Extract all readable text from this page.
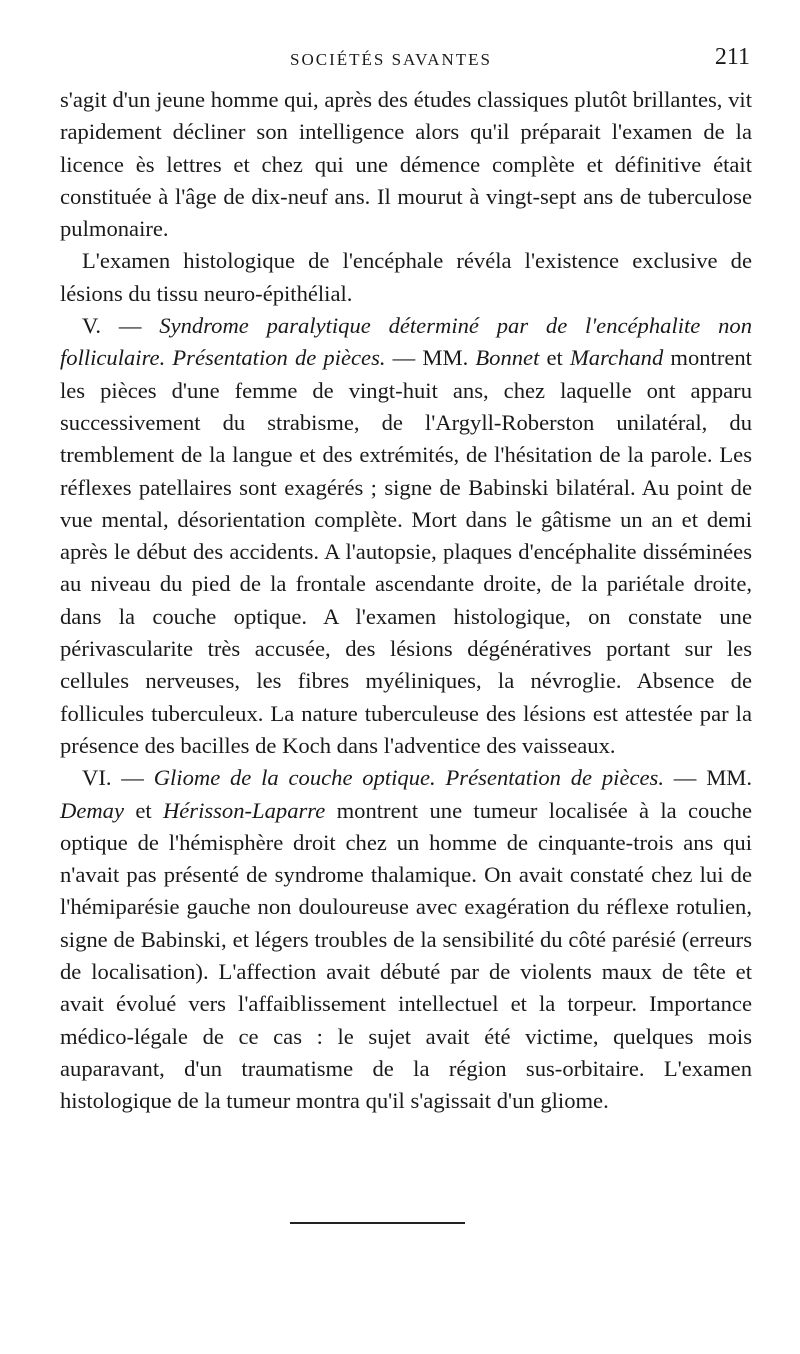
SOCIÉTÉS SAVANTES	211

s'agit d'un jeune homme qui, après des études classiques plutôt brillantes, vit rapidement décliner son intelligence alors qu'il préparait l'examen de la licence ès lettres et chez qui une démence complète et définitive était constituée à l'âge de dix-neuf ans. Il mourut à vingt-sept ans de tuberculose pulmonaire.

L'examen histologique de l'encéphale révéla l'existence exclusive de lésions du tissu neuro-épithélial.

V. — Syndrome paralytique déterminé par de l'encéphalite non folliculaire. Présentation de pièces. — MM. Bonnet et Marchand montrent les pièces d'une femme de vingt-huit ans, chez laquelle ont apparu successivement du strabisme, de l'Argyll-Roberston unilatéral, du tremblement de la langue et des extrémités, de l'hésitation de la parole. Les réflexes patellaires sont exagérés ; signe de Babinski bilatéral. Au point de vue mental, désorientation complète. Mort dans le gâtisme un an et demi après le début des accidents. A l'autopsie, plaques d'encéphalite disséminées au niveau du pied de la frontale ascendante droite, de la pariétale droite, dans la couche optique. A l'examen histologique, on constate une périvascularite très accusée, des lésions dégénératives portant sur les cellules nerveuses, les fibres myéliniques, la névroglie. Absence de follicules tuberculeux. La nature tuberculeuse des lésions est attestée par la présence des bacilles de Koch dans l'adventice des vaisseaux.

VI. — Gliome de la couche optique. Présentation de pièces. — MM. Demay et Hérisson-Laparre montrent une tumeur localisée à la couche optique de l'hémisphère droit chez un homme de cinquante-trois ans qui n'avait pas présenté de syndrome thalamique. On avait constaté chez lui de l'hémiparésie gauche non douloureuse avec exagération du réflexe rotulien, signe de Babinski, et légers troubles de la sensibilité du côté parésié (erreurs de localisation). L'affection avait débuté par de violents maux de tête et avait évolué vers l'affaiblissement intellectuel et la torpeur. Importance médico-légale de ce cas : le sujet avait été victime, quelques mois auparavant, d'un traumatisme de la région sus-orbitaire. L'examen histologique de la tumeur montra qu'il s'agissait d'un gliome.
